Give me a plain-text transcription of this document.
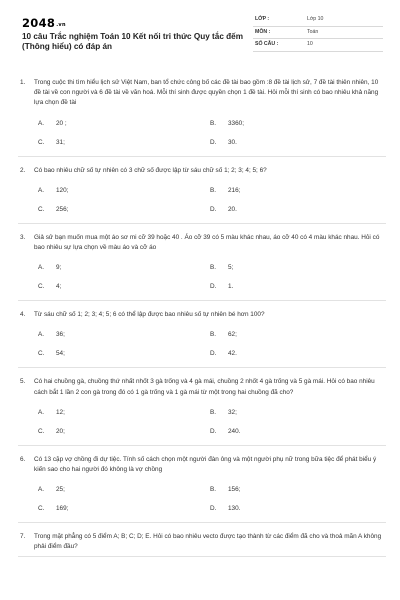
$2048^{.vn}$
10 câu Trắc nghiệm Toán 10 Kết nối tri thức Quy tắc đếm (Thông hiểu) có đáp án
LỚP :	Lớp 10
MÔN :	Toán
SỐ CÂU :	10
1.	Trong cuộc thi tìm hiểu lịch sử Việt Nam, ban tổ chức công bố các đề tài bao gồm :8 đề tài lịch sử, 7 đề tài thiên nhiên, 10 đề tài về con người và 6 đề tài về văn hoá. Mỗi thí sinh được quyền chọn 1 đề tài. Hỏi mỗi thí sinh có bao nhiêu khả năng lựa chọn đề tài
A. 20 ;	B. 3360;
C. 31;	D. 30.
2.	Có bao nhiêu chữ số tự nhiên có 3 chữ số được lập từ sáu chữ số 1; 2; 3; 4; 5; 6?
A. 120;	B. 216;
C. 256;	D. 20.
3.	Giả sử bạn muốn mua một áo sơ mi cỡ 39 hoặc 40 . Áo cỡ 39 có 5 màu khác nhau, áo cỡ 40 có 4 màu khác nhau. Hỏi có bao nhiêu sự lựa chọn về màu áo và cỡ áo
A. 9;	B. 5;
C. 4;	D. 1.
4.	Từ sáu chữ số 1; 2; 3; 4; 5; 6 có thể lập được bao nhiêu số tự nhiên bé hơn 100?
A. 36;	B. 62;
C. 54;	D. 42.
5.	Có hai chuồng gà, chuồng thứ nhất nhốt 3 gà trống và 4 gà mái, chuồng 2 nhốt 4 gà trống và 5 gà mái. Hỏi có bao nhiêu cách bắt 1 lần 2 con gà trong đó có 1 gà trống và 1 gà mái từ một trong hai chuồng đã cho?
A. 12;	B. 32;
C. 20;	D. 240.
6.	Có 13 cặp vợ chồng đi dự tiệc. Tính số cách chọn một người đàn ông và một người phụ nữ trong bữa tiệc để phát biểu ý kiến sao cho hai người đó không là vợ chồng
A. 25;	B. 156;
C. 169;	D. 130.
7.	Trong mặt phẳng có 5 điểm A; B; C; D; E. Hỏi có bao nhiêu vecto được tạo thành từ các điểm đã cho và thoả mãn A không phải điểm đầu?
